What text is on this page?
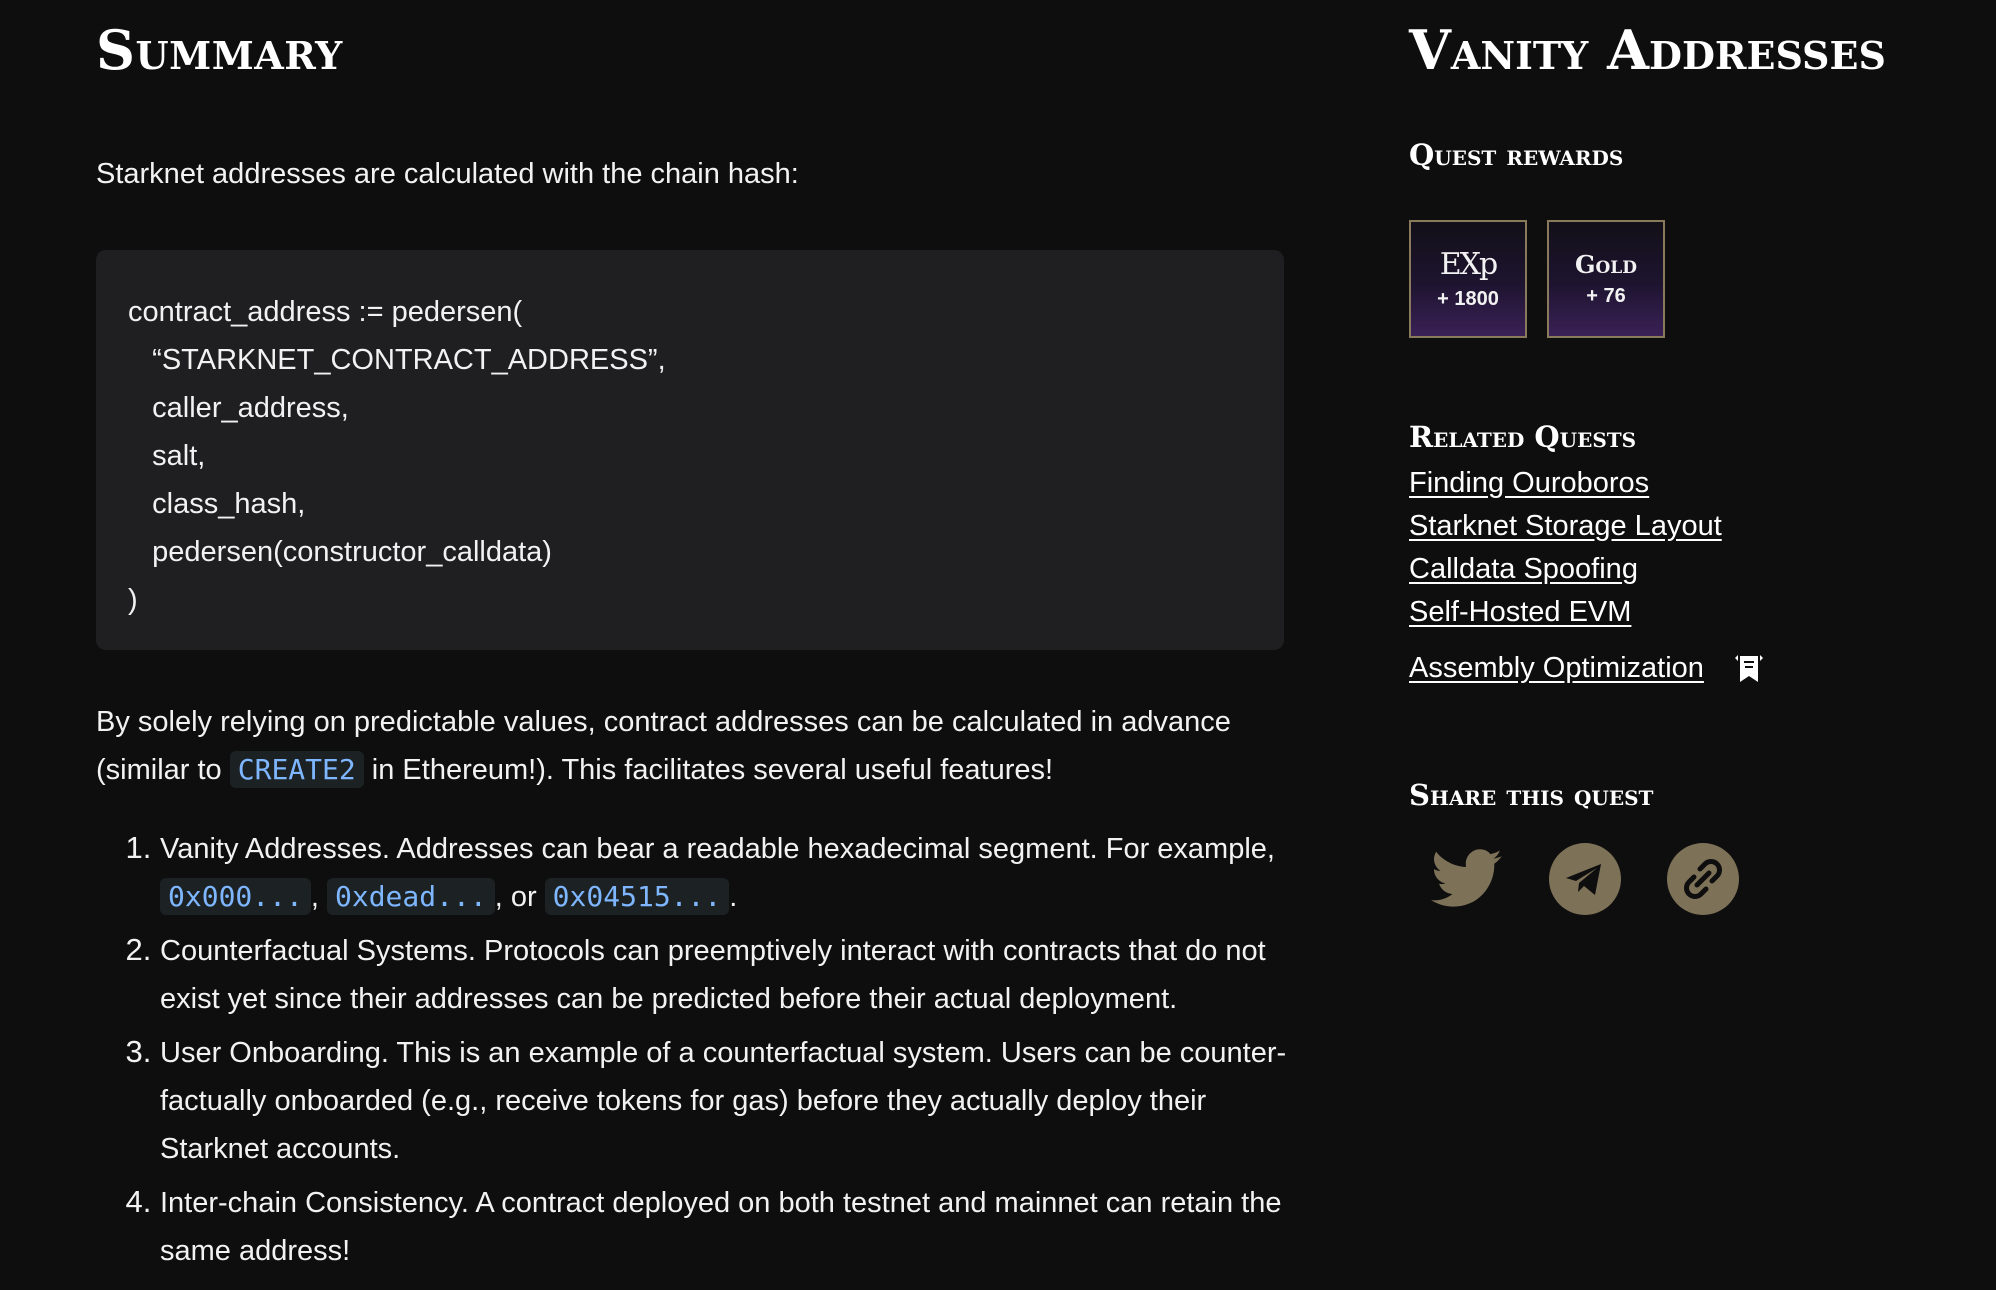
Summary

Starknet addresses are calculated with the chain hash:

contract_address := pedersen(
“STARKNET_CONTRACT_ADDRESS”,
caller_address,
salt,
class_hash,
pedersen(constructor_calldata)
)

By solely relying on predictable values, contract addresses can be calculated in advance (similar to CREATE2 in Ethereum!). This facilitates several useful features!

1. Vanity Addresses. Addresses can bear a readable hexadecimal segment. For example, 0x000... , 0xdead... , or 0x04515... .
2. Counterfactual Systems. Protocols can preemptively interact with contracts that do not exist yet since their addresses can be predicted before their actual deployment.
3. User Onboarding. This is an example of a counterfactual system. Users can be counter-factually onboarded (e.g., receive tokens for gas) before they actually deploy their Starknet accounts.
4. Inter-chain Consistency. A contract deployed on both testnet and mainnet can retain the same address!
Vanity Addresses
Quest rewards
EXp
+ 1800
Gold
+ 76
Related Quests
Finding Ouroboros
Starknet Storage Layout
Calldata Spoofing
Self-Hosted EVM
Assembly Optimization
Share this quest
